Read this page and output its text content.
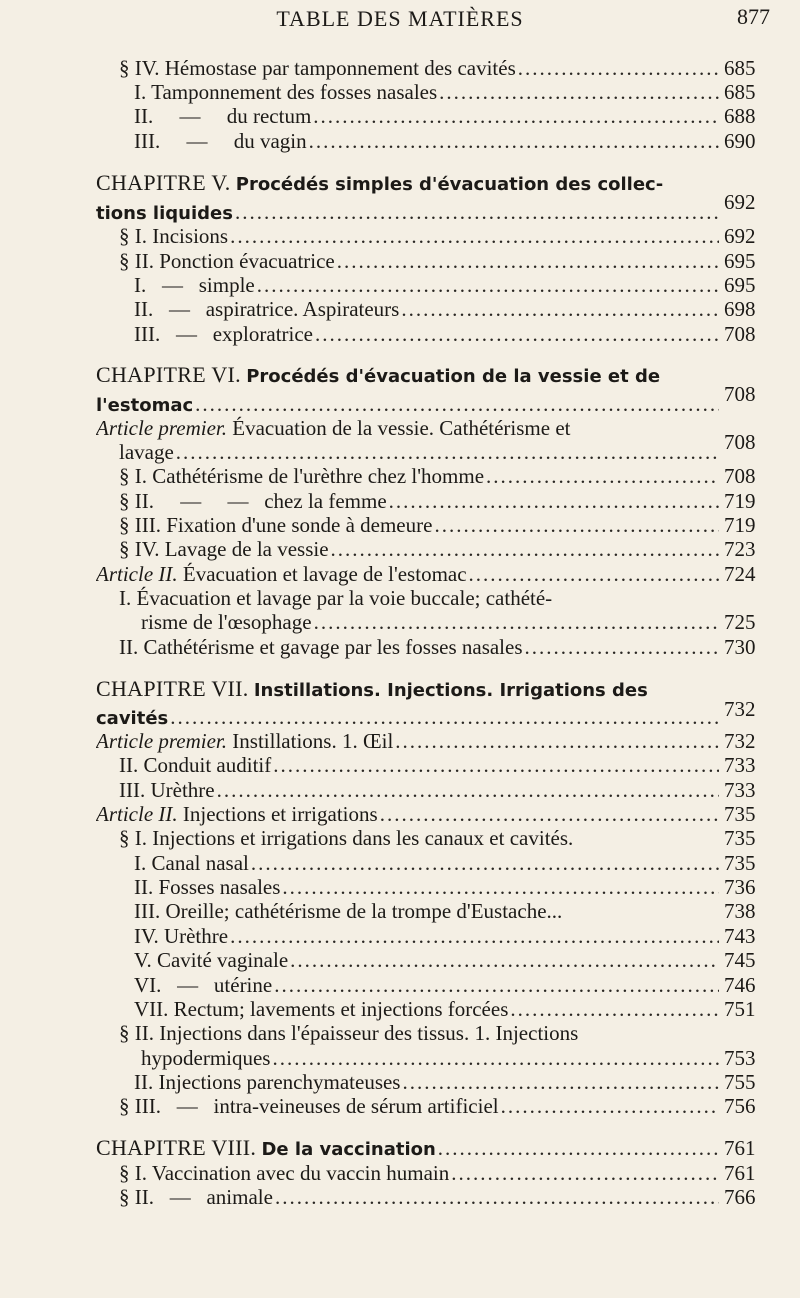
TABLE DES MATIÈRES	877
§ IV. Hémostase par tamponnement des cavités .....	685
I. Tamponnement des fosses nasales .....	685
II.     —     du rectum .....	688
III.     —     du vagin .....	690
CHAPITRE V.
Procédés simples d'évacuation des collec-
tions liquides .....	692
§ I. Incisions .....	692
§ II. Ponction évacuatrice .....	695
I.   —   simple .....	695
II.   —   aspiratrice. Aspirateurs .....	698
III.   —   exploratrice .....	708
CHAPITRE VI.
Procédés d'évacuation de la vessie et de
l'estomac .....	708
Article premier.
Évacuation de la vessie. Cathétérisme et
lavage .....	708
§ I. Cathétérisme de l'urèthre chez l'homme .....	708
§ II.     —     —   chez la femme .....	719
§ III. Fixation d'une sonde à demeure .....	719
§ IV. Lavage de la vessie .....	723
Article II.
Évacuation et lavage de l'estomac .....	724
I. Évacuation et lavage par la voie buccale; cathété-
risme de l'œsophage .....	725
II. Cathétérisme et gavage par les fosses nasales .....	730
CHAPITRE VII.
Instillations. Injections. Irrigations des
cavités .....	732
Article premier.
Instillations. 1. Œil .....	732
II. Conduit auditif .....	733
III. Urèthre .....	733
Article II.
Injections et irrigations .....	735
§ I. Injections et irrigations dans les canaux et cavités.	735
I. Canal nasal .....	735
II. Fosses nasales .....	736
III. Oreille; cathétérisme de la trompe d'Eustache...	738
IV. Urèthre .....	743
V. Cavité vaginale .....	745
VI.   —   utérine .....	746
VII. Rectum; lavements et injections forcées .....	751
§ II. Injections dans l'épaisseur des tissus. 1. Injections
hypodermiques .....	753
II. Injections parenchymateuses .....	755
§ III.   —   intra-veineuses de sérum artificiel .....	756
CHAPITRE VIII.
De la vaccination .....	761
§ I. Vaccination avec du vaccin humain .....	761
§ II.   —   animale .....	766
